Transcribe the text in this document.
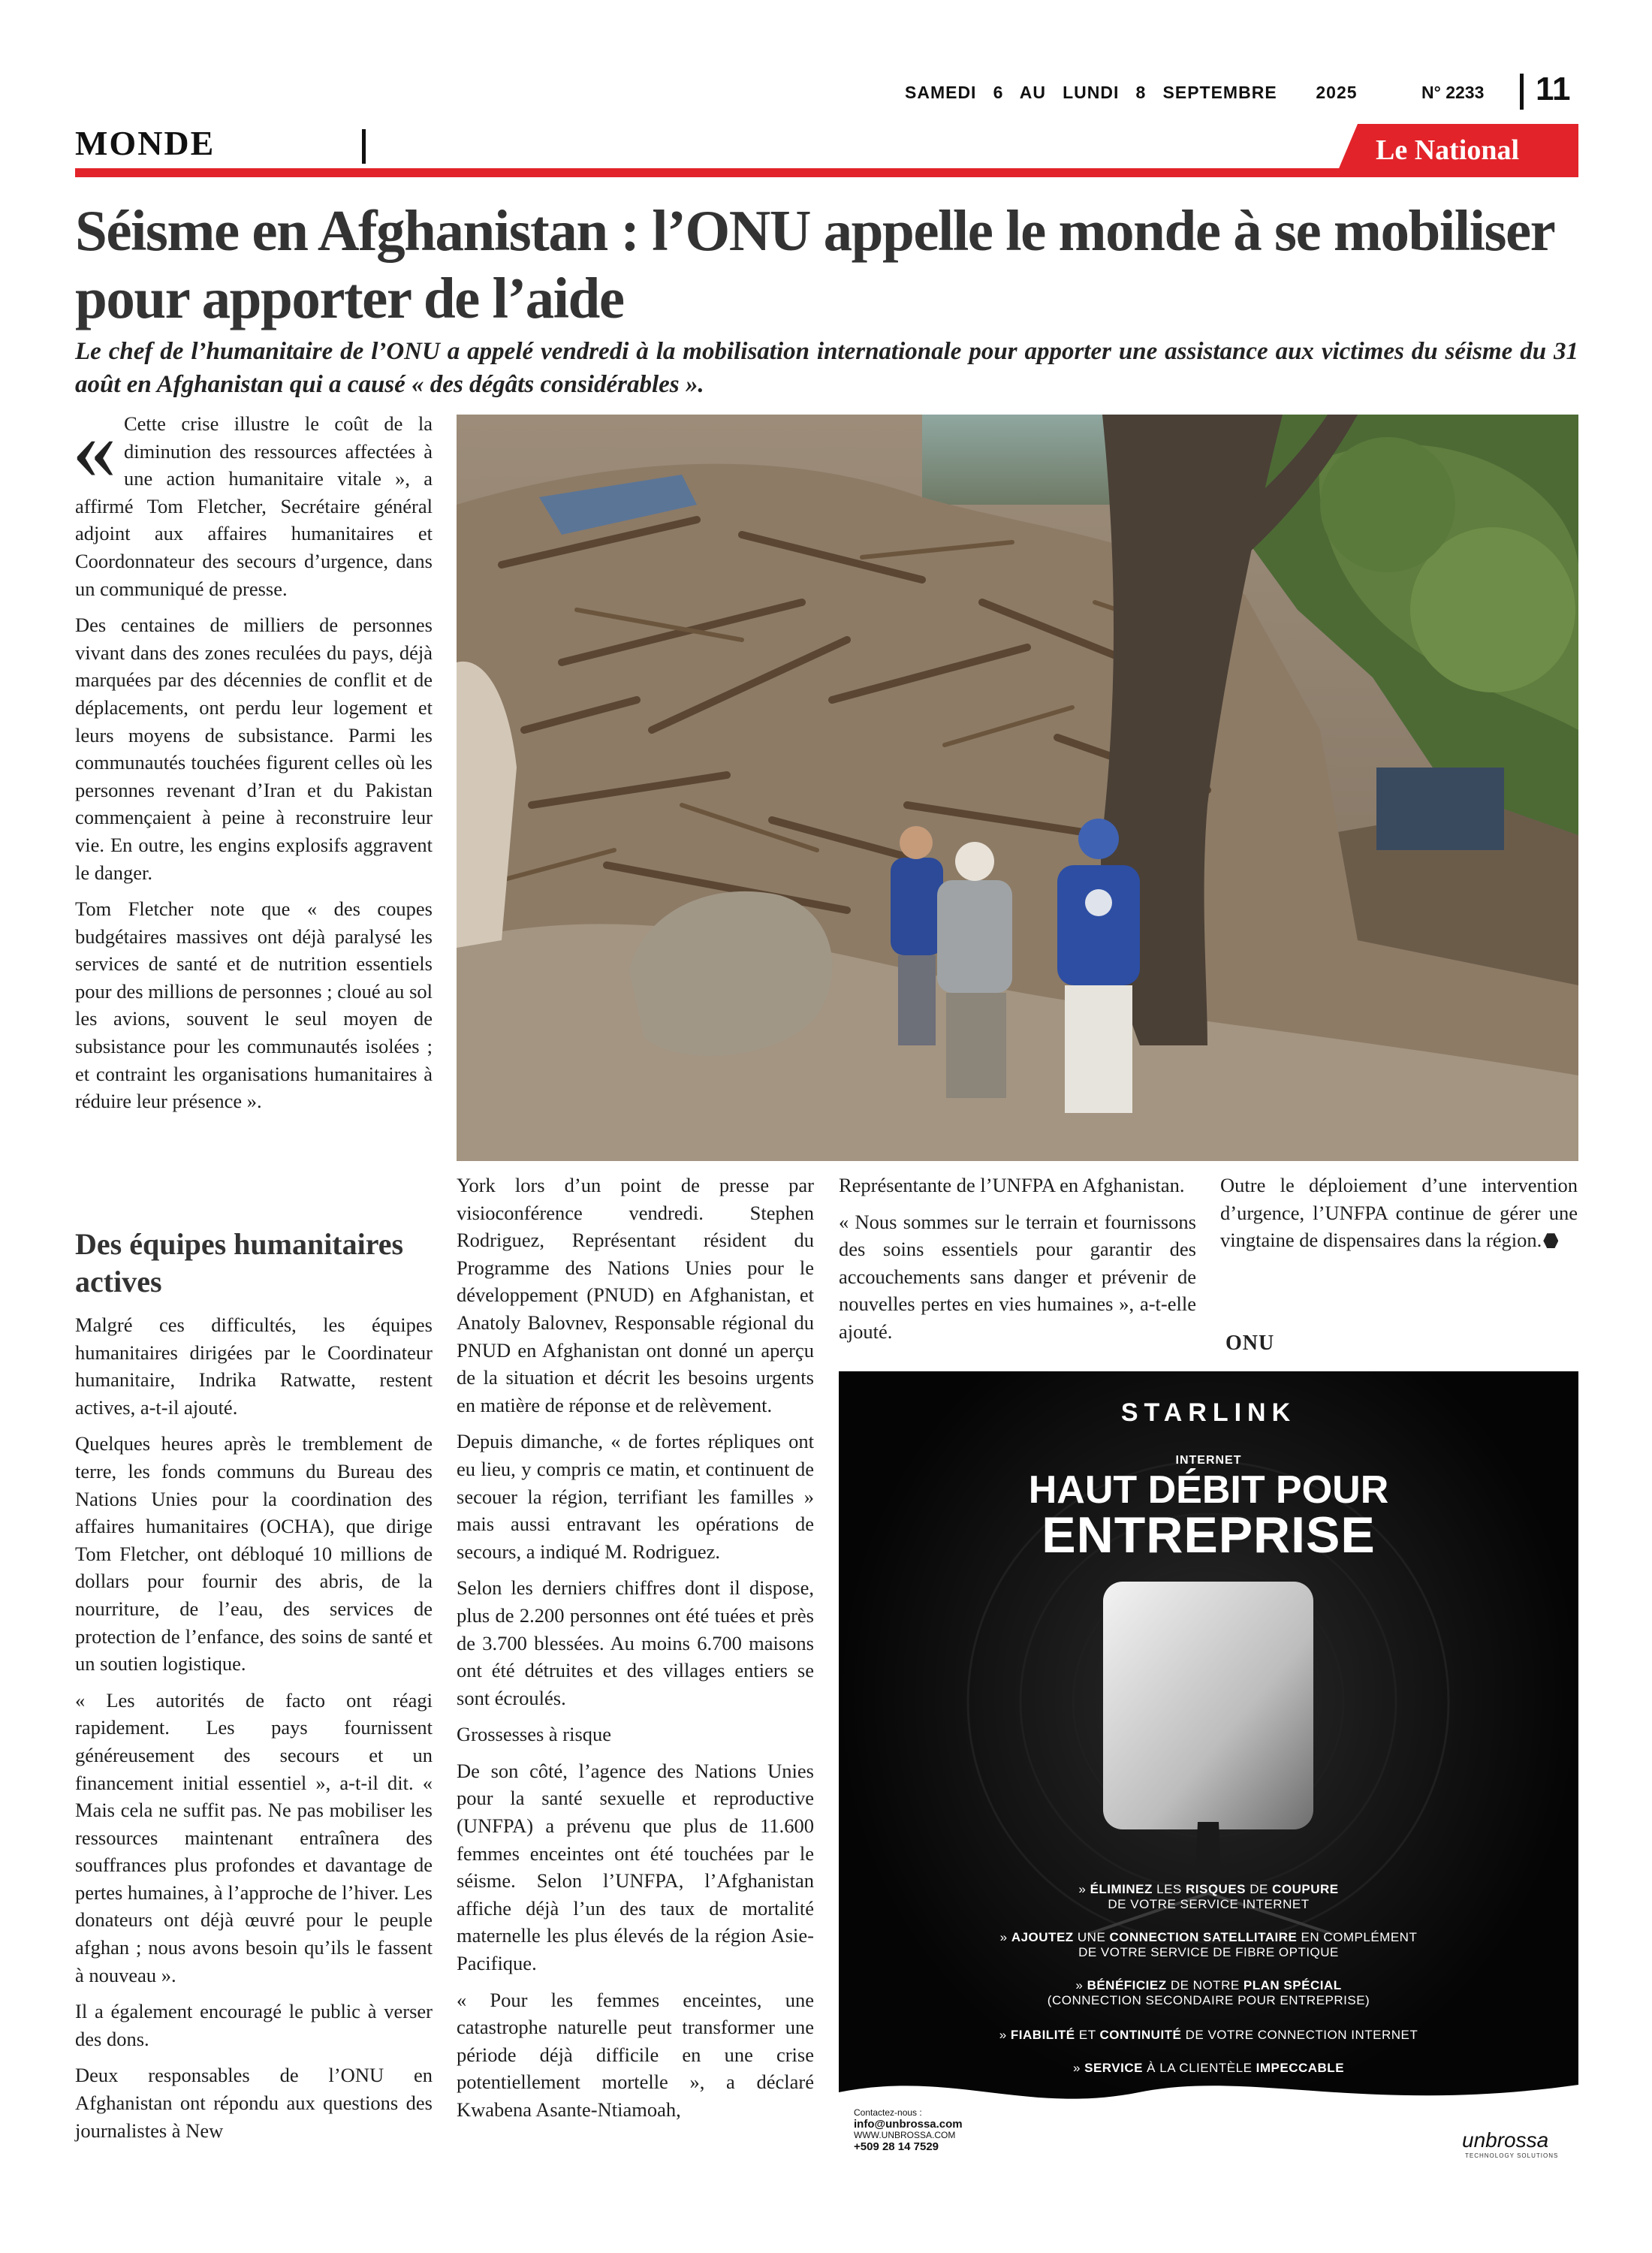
SAMEDI   6   AU   LUNDI   8   SEPTEMBRE       2025	N° 2233 11
MONDE	Le National
Séisme en Afghanistan : l’ONU appelle le monde à se mobiliser pour apporter de l’aide

Le chef de l’humanitaire de l’ONU a appelé vendredi à la mobilisation internationale pour apporter une assistance aux victimes du séisme du 31 août en Afghanistan qui a causé « des dégâts considérables ».

« Cette crise illustre le coût de la diminution des ressources affectées à une action humanitaire vitale », a affirmé Tom Fletcher, Secrétaire général adjoint aux affaires humanitaires et Coordonnateur des secours d’urgence, dans un communiqué de presse.

Des centaines de milliers de personnes vivant dans des zones reculées du pays, déjà marquées par des décennies de conflit et de déplacements, ont perdu leur logement et leurs moyens de subsistance. Parmi les communautés touchées figurent celles où les personnes revenant d’Iran et du Pakistan commençaient à peine à reconstruire leur vie. En outre, les engins explosifs aggravent le danger.

Tom Fletcher note que « des coupes budgétaires massives ont déjà paralysé les services de santé et de nutrition essentiels pour des millions de personnes ; cloué au sol les avions, souvent le seul moyen de subsistance pour les communautés isolées ; et contraint les organisations humanitaires à réduire leur présence ».

Des équipes humanitaires actives

Malgré ces difficultés, les équipes humanitaires dirigées par le Coordinateur humanitaire, Indrika Ratwatte, restent actives, a-t-il ajouté.

Quelques heures après le tremblement de terre, les fonds communs du Bureau des Nations Unies pour la coordination des affaires humanitaires (OCHA), que dirige Tom Fletcher, ont débloqué 10 millions de dollars pour fournir des abris, de la nourriture, de l’eau, des services de protection de l’enfance, des soins de santé et un soutien logistique.

« Les autorités de facto ont réagi rapidement. Les pays fournissent généreusement des secours et un financement initial essentiel », a-t-il dit. « Mais cela ne suffit pas. Ne pas mobiliser les ressources maintenant entraînera des souffrances plus profondes et davantage de pertes humaines, à l’approche de l’hiver. Les donateurs ont déjà œuvré pour le peuple afghan ; nous avons besoin qu’ils le fassent à nouveau ».

Il a également encouragé le public à verser des dons.

Deux responsables de l’ONU en Afghanistan ont répondu aux questions des journalistes à New

York lors d’un point de presse par visioconférence vendredi. Stephen Rodriguez, Représentant résident du Programme des Nations Unies pour le développement (PNUD) en Afghanistan, et Anatoly Balovnev, Responsable régional du PNUD en Afghanistan ont donné un aperçu de la situation et décrit les besoins urgents en matière de réponse et de relèvement.

Depuis dimanche, « de fortes répliques ont eu lieu, y compris ce matin, et continuent de secouer la région, terrifiant les familles » mais aussi entravant les opérations de secours, a indiqué M. Rodriguez.

Selon les derniers chiffres dont il dispose, plus de 2.200 personnes ont été tuées et près de 3.700 blessées. Au moins 6.700 maisons ont été détruites et des villages entiers se sont écroulés.

Grossesses à risque

De son côté, l’agence des Nations Unies pour la santé sexuelle et reproductive (UNFPA) a prévenu que plus de 11.600 femmes enceintes ont été touchées par le séisme. Selon l’UNFPA, l’Afghanistan affiche déjà l’un des taux de mortalité maternelle les plus élevés de la région Asie-Pacifique.

« Pour les femmes enceintes, une catastrophe naturelle peut transformer une période déjà difficile en une crise potentiellement mortelle », a déclaré Kwabena Asante-Ntiamoah,

Représentante de l’UNFPA en Afghanistan.

« Nous sommes sur le terrain et fournissons des soins essentiels pour garantir des accouchements sans danger et prévenir de nouvelles pertes en vies humaines », a-t-elle ajouté.

Outre le déploiement d’une intervention d’urgence, l’UNFPA continue de gérer une vingtaine de dispensaires dans la région.

ONU
STARLINK
INTERNET
HAUT DÉBIT POUR
ENTREPRISE
» ÉLIMINEZ LES RISQUES DE COUPURE
DE VOTRE SERVICE INTERNET
» AJOUTEZ UNE CONNECTION SATELLITAIRE EN COMPLÉMENT
DE VOTRE SERVICE DE FIBRE OPTIQUE
» BÉNÉFICIEZ DE NOTRE PLAN SPÉCIAL
(CONNECTION SECONDAIRE POUR ENTREPRISE)
» FIABILITÉ ET CONTINUITÉ DE VOTRE CONNECTION INTERNET
» SERVICE À LA CLIENTÈLE IMPECCABLE
Contactez-nous :
info@unbrossa.com
WWW.UNBROSSA.COM
+509 28 14 7529	unbrossa
TECHNOLOGY SOLUTIONS
